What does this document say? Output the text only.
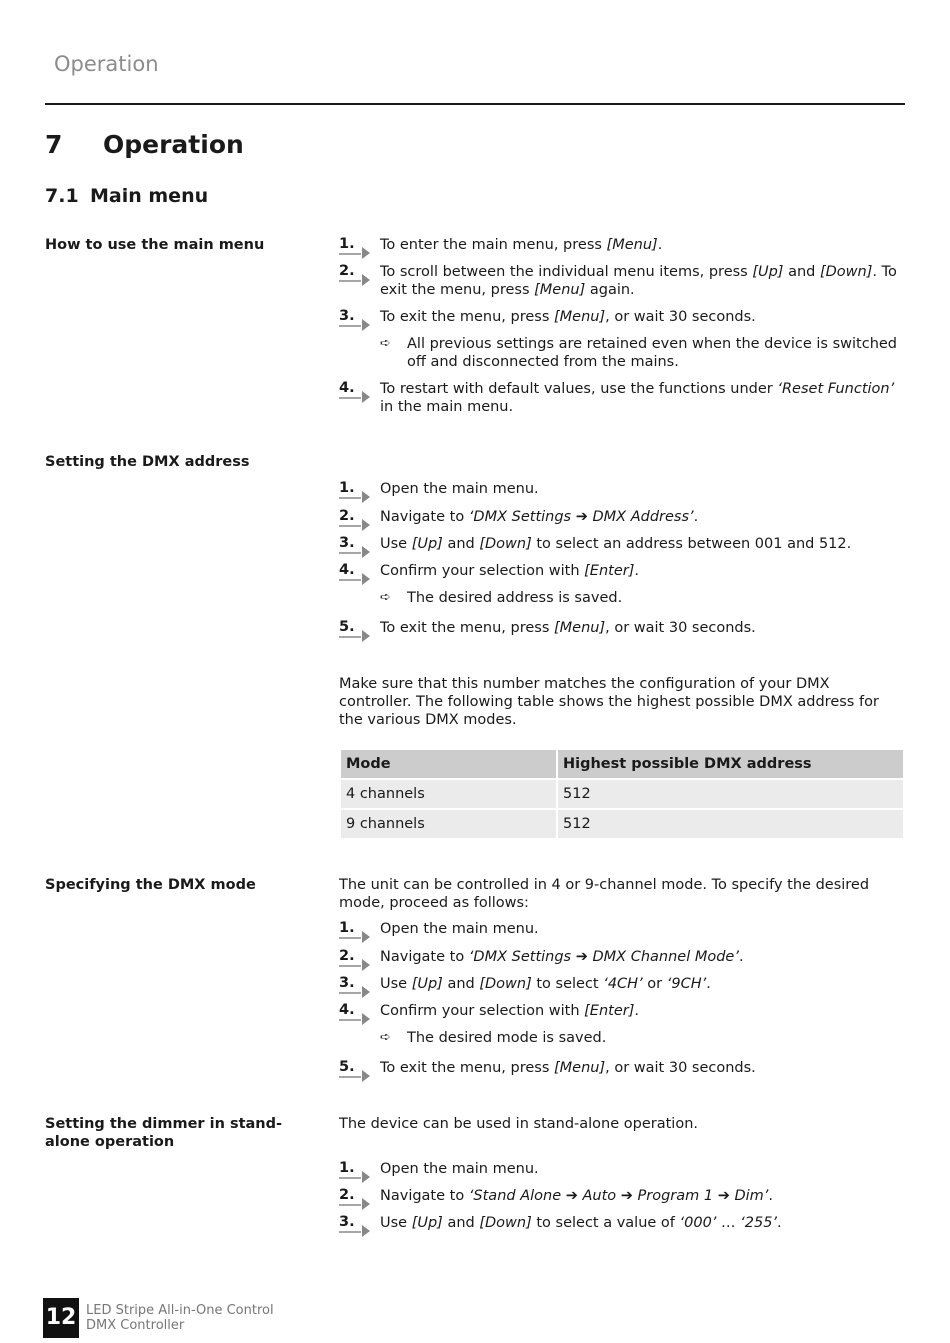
Operation
7 Operation
7.1 Main menu
How to use the main menu	1. To enter the main menu, press [Menu].
2. To scroll between the individual menu items, press [Up] and [Down]. To exit the menu, press [Menu] again.
3. To exit the menu, press [Menu], or wait 30 seconds.
➪ All previous settings are retained even when the device is switched off and disconnected from the mains.
4. To restart with default values, use the functions under ‘Reset Function’ in the main menu.
Setting the DMX address
1. Open the main menu.
2. Navigate to ‘DMX Settings ➔ DMX Address’.
3. Use [Up] and [Down] to select an address between 001 and 512.
4. Confirm your selection with [Enter].
➪ The desired address is saved.
5. To exit the menu, press [Menu], or wait 30 seconds.
Make sure that this number matches the configuration of your DMX controller. The following table shows the highest possible DMX address for the various DMX modes.
Mode	Highest possible DMX address
4 channels	512
9 channels	512
Specifying the DMX mode	The unit can be controlled in 4 or 9-channel mode. To specify the desired mode, proceed as follows:
1. Open the main menu.
2. Navigate to ‘DMX Settings ➔ DMX Channel Mode’.
3. Use [Up] and [Down] to select ‘4CH’ or ‘9CH’.
4. Confirm your selection with [Enter].
➪ The desired mode is saved.
5. To exit the menu, press [Menu], or wait 30 seconds.
Setting the dimmer in stand-alone operation
The device can be used in stand-alone operation.
1. Open the main menu.
2. Navigate to ‘Stand Alone ➔ Auto ➔ Program 1 ➔ Dim’.
3. Use [Up] and [Down] to select a value of ‘000’ … ‘255’.
12 LED Stripe All-in-One Control
DMX Controller
